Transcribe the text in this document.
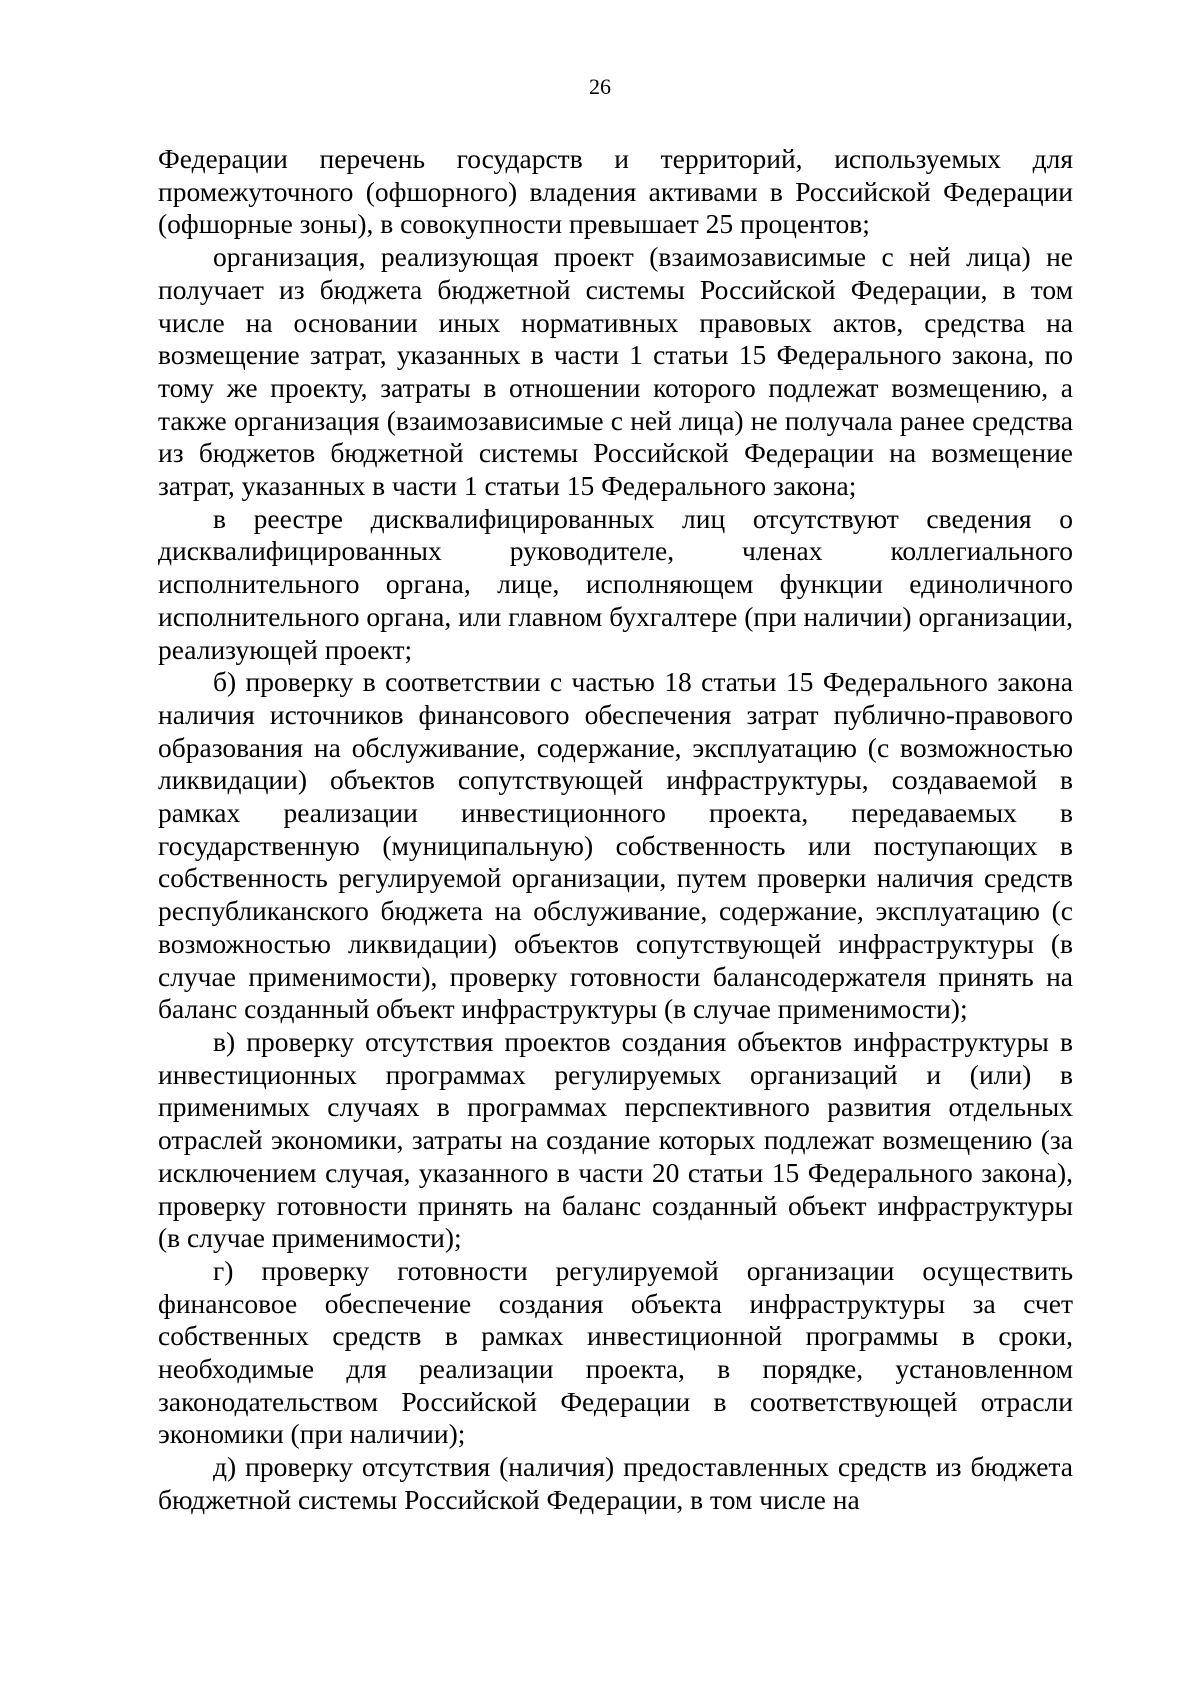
26

Федерации перечень государств и территорий, используемых для промежуточного (офшорного) владения активами в Российской Федерации (офшорные зоны), в совокупности превышает 25 процентов;

организация, реализующая проект (взаимозависимые с ней лица) не получает из бюджета бюджетной системы Российской Федерации, в том числе на основании иных нормативных правовых актов, средства на возмещение затрат, указанных в части 1 статьи 15 Федерального закона, по тому же проекту, затраты в отношении которого подлежат возмещению, а также организация (взаимозависимые с ней лица) не получала ранее средства из бюджетов бюджетной системы Российской Федерации на возмещение затрат, указанных в части 1 статьи 15 Федерального закона;

в реестре дисквалифицированных лиц отсутствуют сведения о дисквалифицированных руководителе, членах коллегиального исполнительного органа, лице, исполняющем функции единоличного исполнительного органа, или главном бухгалтере (при наличии) организации, реализующей проект;

б) проверку в соответствии с частью 18 статьи 15 Федерального закона наличия источников финансового обеспечения затрат публично-правового образования на обслуживание, содержание, эксплуатацию (с возможностью ликвидации) объектов сопутствующей инфраструктуры, создаваемой в рамках реализации инвестиционного проекта, передаваемых в государственную (муниципальную) собственность или поступающих в собственность регулируемой организации, путем проверки наличия средств республиканского бюджета на обслуживание, содержание, эксплуатацию (с возможностью ликвидации) объектов сопутствующей инфраструктуры (в случае применимости), проверку готовности балансодержателя принять на баланс созданный объект инфраструктуры (в случае применимости);

в) проверку отсутствия проектов создания объектов инфраструктуры в инвестиционных программах регулируемых организаций и (или) в применимых случаях в программах перспективного развития отдельных отраслей экономики, затраты на создание которых подлежат возмещению (за исключением случая, указанного в части 20 статьи 15 Федерального закона), проверку готовности принять на баланс созданный объект инфраструктуры (в случае применимости);

г) проверку готовности регулируемой организации осуществить финансовое обеспечение создания объекта инфраструктуры за счет собственных средств в рамках инвестиционной программы в сроки, необходимые для реализации проекта, в порядке, установленном законодательством Российской Федерации в соответствующей отрасли экономики (при наличии);

д) проверку отсутствия (наличия) предоставленных средств из бюджета бюджетной системы Российской Федерации, в том числе на
